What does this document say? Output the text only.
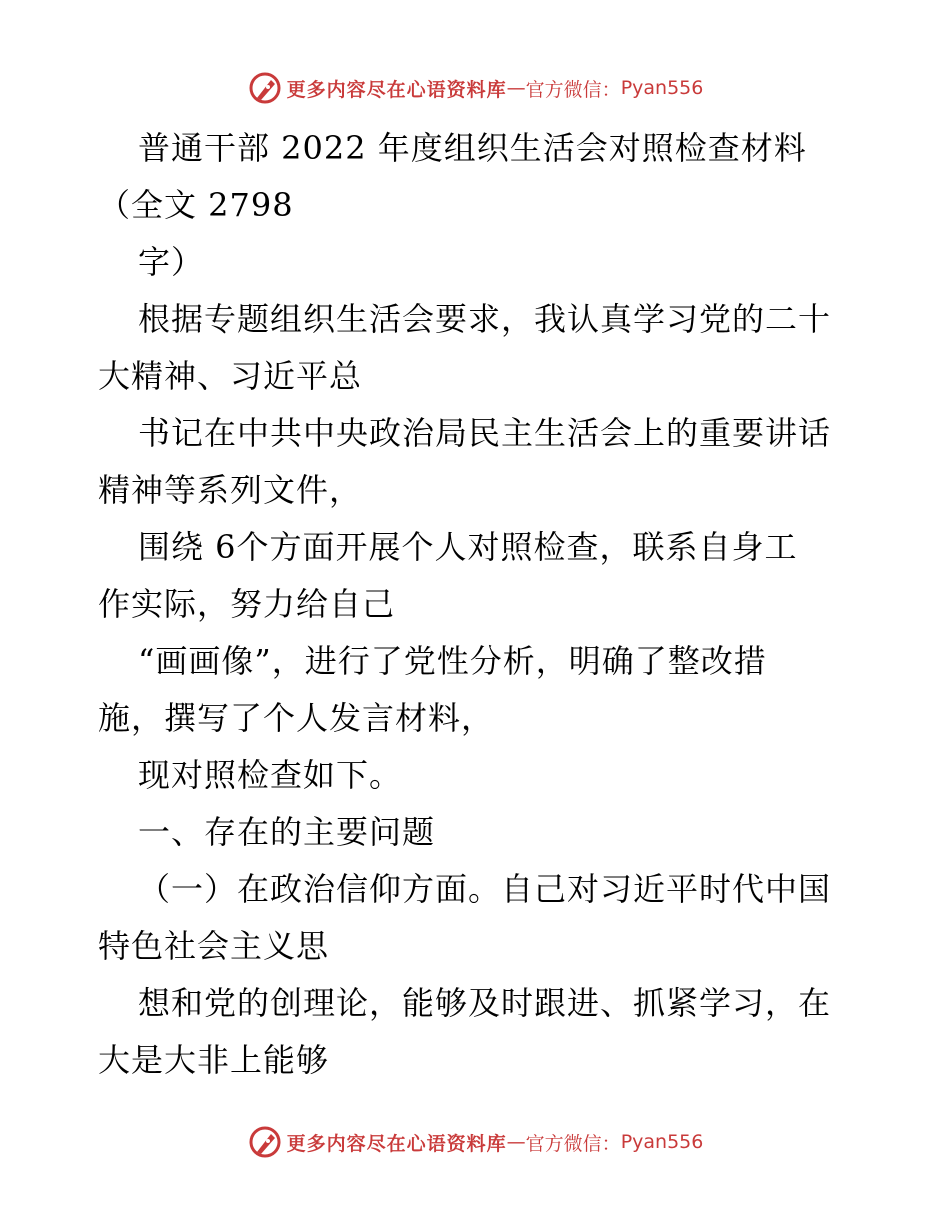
更多内容尽在心语资料库 — 官方微信： Pyan556
普通干部 2022 年度组织生活会对照检查材料
（全文 2798
字）
根据专题组织生活会要求，我认真学习党的二十
大精神、习近平总
书记在中共中央政治局民主生活会上的重要讲话
精神等系列文件，
围绕 6个方面开展个人对照检查，联系自身工
作实际，努力给自己
“画画像”，进行了党性分析，明确了整改措
施，撰写了个人发言材料，
现对照检查如下。
一、存在的主要问题
（一）在政治信仰方面。自己对习近平时代中国
特色社会主义思
想和党的创理论，能够及时跟进、抓紧学习，在
大是大非上能够
更多内容尽在心语资料库 — 官方微信： Pyan556
